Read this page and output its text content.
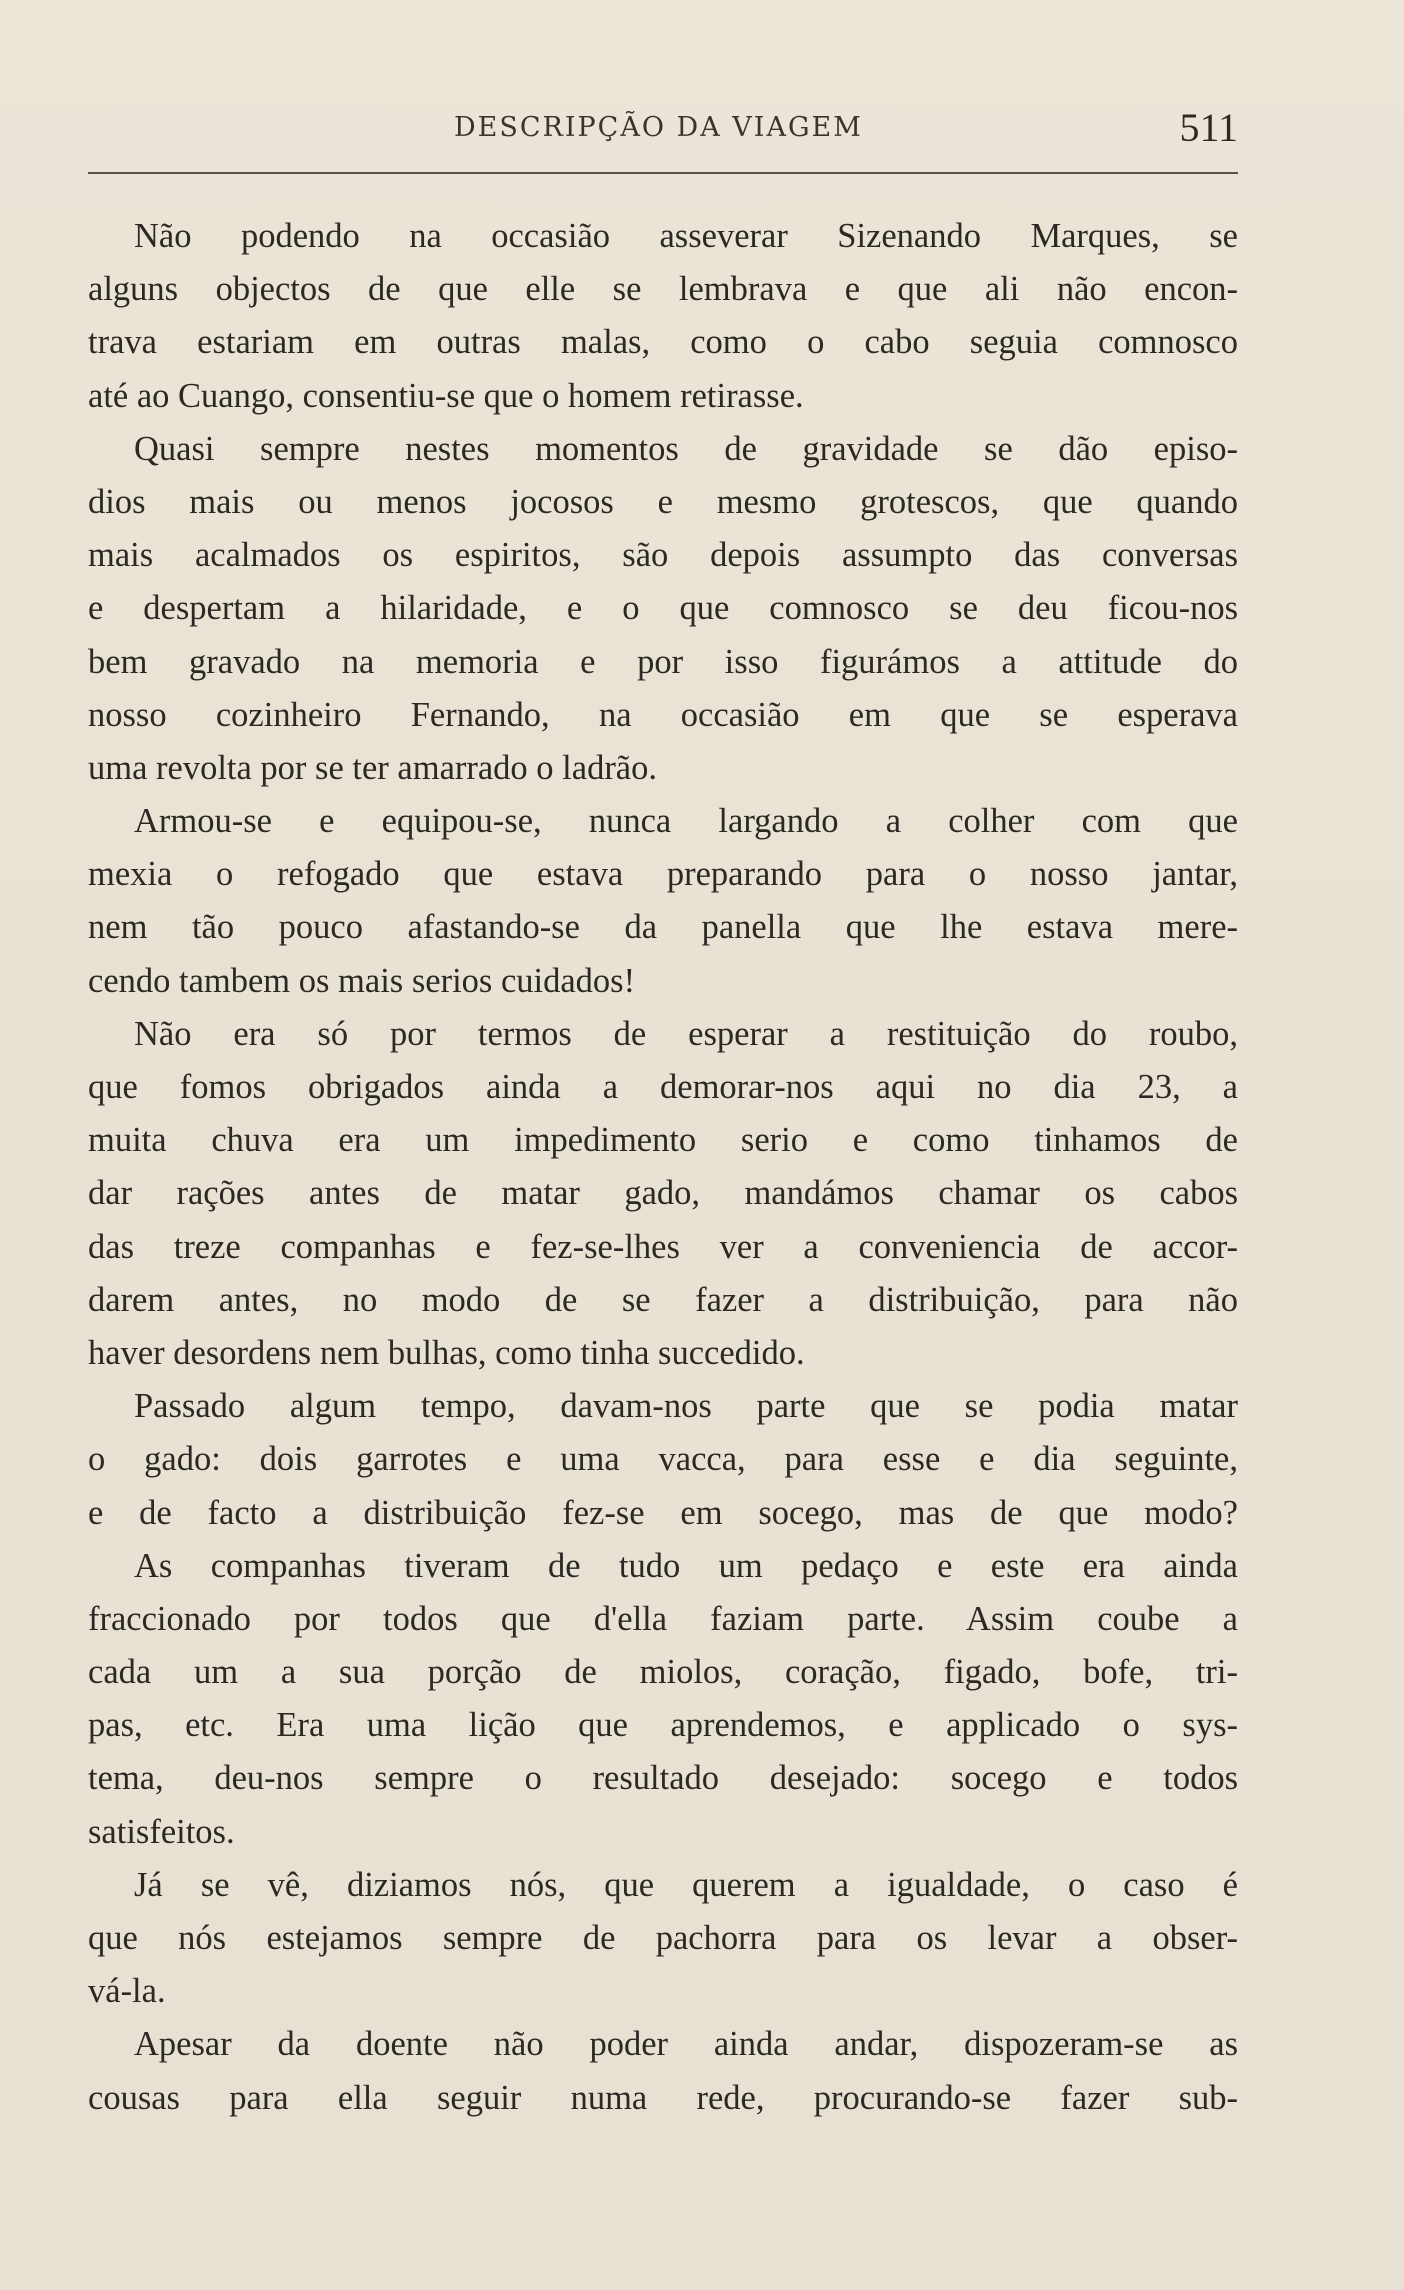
DESCRIPÇÃO DA VIAGEM	511
Não podendo na occasião asseverar Sizenando Marques, se
alguns objectos de que elle se lembrava e que ali não encon-
trava estariam em outras malas, como o cabo seguia comnosco
até ao Cuango, consentiu-se que o homem retirasse.
Quasi sempre nestes momentos de gravidade se dão episo-
dios mais ou menos jocosos e mesmo grotescos, que quando
mais acalmados os espiritos, são depois assumpto das conversas
e despertam a hilaridade, e o que comnosco se deu ficou-nos
bem gravado na memoria e por isso figurámos a attitude do
nosso cozinheiro Fernando, na occasião em que se esperava
uma revolta por se ter amarrado o ladrão.
Armou-se e equipou-se, nunca largando a colher com que
mexia o refogado que estava preparando para o nosso jantar,
nem tão pouco afastando-se da panella que lhe estava mere-
cendo tambem os mais serios cuidados!
Não era só por termos de esperar a restituição do roubo,
que fomos obrigados ainda a demorar-nos aqui no dia 23, a
muita chuva era um impedimento serio e como tinhamos de
dar rações antes de matar gado, mandámos chamar os cabos
das treze companhas e fez-se-lhes ver a conveniencia de accor-
darem antes, no modo de se fazer a distribuição, para não
haver desordens nem bulhas, como tinha succedido.
Passado algum tempo, davam-nos parte que se podia matar
o gado: dois garrotes e uma vacca, para esse e dia seguinte,
e de facto a distribuição fez-se em socego, mas de que modo?
As companhas tiveram de tudo um pedaço e este era ainda
fraccionado por todos que d'ella faziam parte. Assim coube a
cada um a sua porção de miolos, coração, figado, bofe, tri-
pas, etc. Era uma lição que aprendemos, e applicado o sys-
tema, deu-nos sempre o resultado desejado: socego e todos
satisfeitos.
Já se vê, diziamos nós, que querem a igualdade, o caso é
que nós estejamos sempre de pachorra para os levar a obser-
vá-la.
Apesar da doente não poder ainda andar, dispozeram-se as
cousas para ella seguir numa rede, procurando-se fazer sub-
